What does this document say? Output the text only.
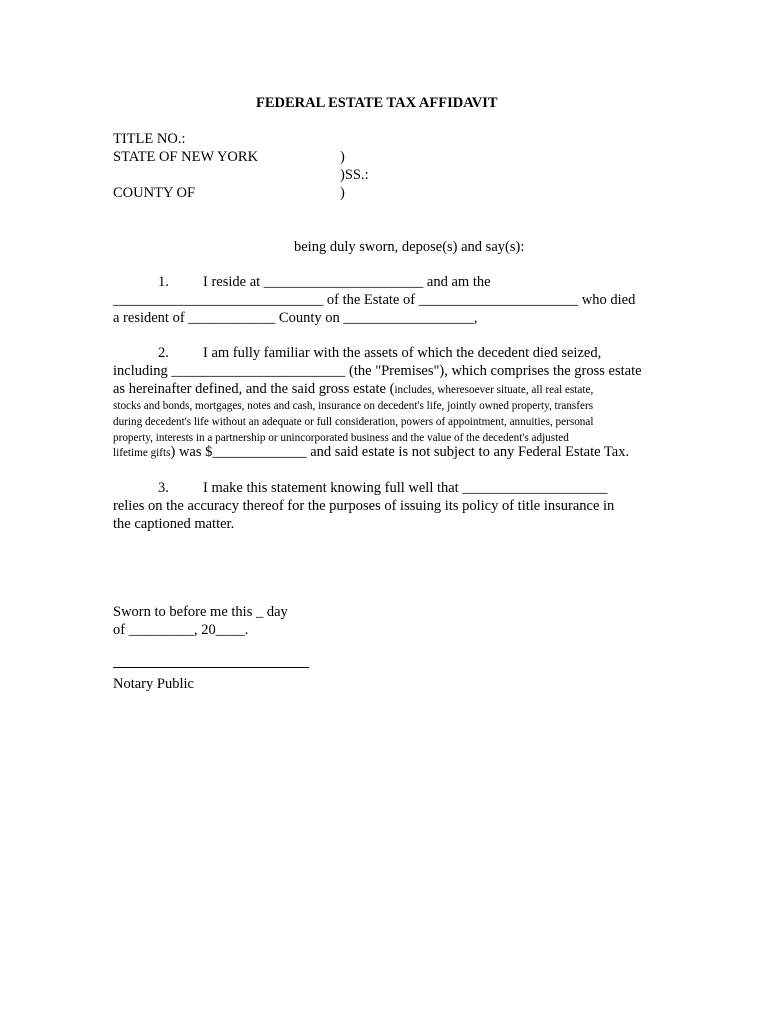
FEDERAL ESTATE TAX AFFIDAVIT
TITLE NO.:
STATE OF NEW YORK	)
)SS.:
COUNTY OF	)
being duly sworn, depose(s) and say(s):
1. I reside at ______________________ and am the
_____________________________ of the Estate of ______________________ who died
a resident of ____________ County on __________________,
2. I am fully familiar with the assets of which the decedent died seized,
including ________________________ (the "Premises"), which comprises the gross estate
as hereinafter defined, and the said gross estate (includes, wheresoever situate, all real estate,
stocks and bonds, mortgages, notes and cash, insurance on decedent's life, jointly owned property, transfers
during decedent's life without an adequate or full consideration, powers of appointment, annuities, personal
property, interests in a partnership or unincorporated business and the value of the decedent's adjusted
lifetime gifts) was $_____________ and said estate is not subject to any Federal Estate Tax.
3. I make this statement knowing full well that ____________________
relies on the accuracy thereof for the purposes of issuing its policy of title insurance in
the captioned matter.
Sworn to before me this _ day
of _________, 20____.
Notary Public
